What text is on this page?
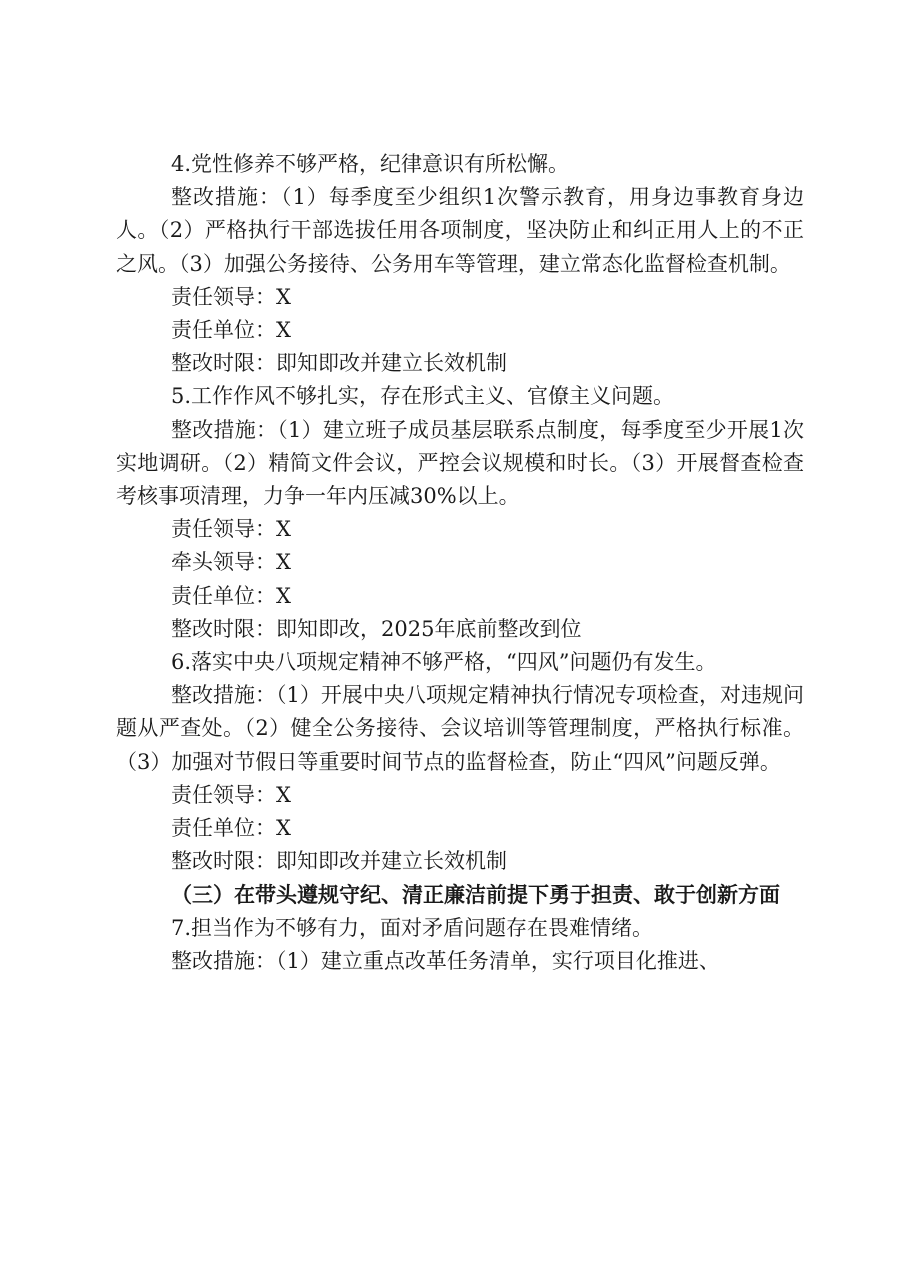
4.党性修养不够严格，纪律意识有所松懈。

整改措施：（1）每季度至少组织1次警示教育，用身边事教育身边人。（2）严格执行干部选拔任用各项制度，坚决防止和纠正用人上的不正之风。（3）加强公务接待、公务用车等管理，建立常态化监督检查机制。

责任领导：X

责任单位：X

整改时限：即知即改并建立长效机制

5.工作作风不够扎实，存在形式主义、官僚主义问题。

整改措施：（1）建立班子成员基层联系点制度，每季度至少开展1次实地调研。（2）精简文件会议，严控会议规模和时长。（3）开展督查检查考核事项清理，力争一年内压减30%以上。

责任领导：X

牵头领导：X

责任单位：X

整改时限：即知即改，2025年底前整改到位

6.落实中央八项规定精神不够严格，“四风”问题仍有发生。

整改措施：（1）开展中央八项规定精神执行情况专项检查，对违规问题从严查处。（2）健全公务接待、会议培训等管理制度，严格执行标准。（3）加强对节假日等重要时间节点的监督检查，防止“四风”问题反弹。

责任领导：X

责任单位：X

整改时限：即知即改并建立长效机制

（三）在带头遵规守纪、清正廉洁前提下勇于担责、敢于创新方面

7.担当作为不够有力，面对矛盾问题存在畏难情绪。

整改措施：（1）建立重点改革任务清单，实行项目化推进、
